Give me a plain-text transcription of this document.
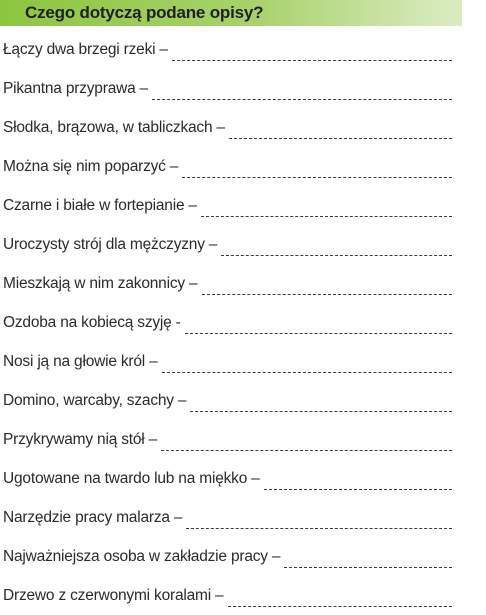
Czego dotyczą podane opisy?
Łączy dwa brzegi rzeki –
Pikantna przyprawa –
Słodka, brązowa, w tabliczkach –
Można się nim poparzyć –
Czarne i białe w fortepianie –
Uroczysty strój dla mężczyzny –
Mieszkają w nim zakonnicy –
Ozdoba na kobiecą szyję -
Nosi ją na głowie król –
Domino, warcaby, szachy –
Przykrywamy nią stół –
Ugotowane na twardo lub na miękko –
Narzędzie pracy malarza –
Najważniejsza osoba w zakładzie pracy –
Drzewo z czerwonymi koralami –
